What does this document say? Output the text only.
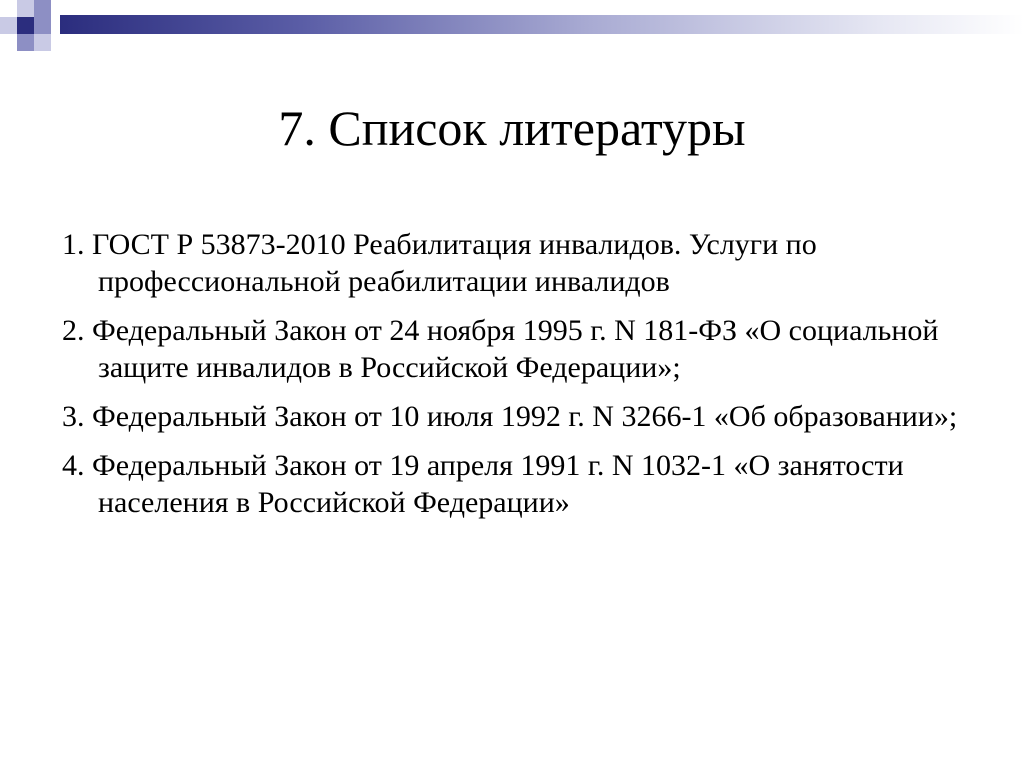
7. Список литературы
1. ГОСТ Р 53873-2010 Реабилитация инвалидов. Услуги по профессиональной реабилитации инвалидов
2. Федеральный Закон от 24 ноября 1995 г. N 181-ФЗ «О социальной защите инвалидов в Российской Федерации»;
3. Федеральный Закон от 10 июля 1992 г. N 3266-1 «Об образовании»;
4. Федеральный Закон от 19 апреля 1991 г. N 1032-1 «О занятости населения в Российской Федерации»
